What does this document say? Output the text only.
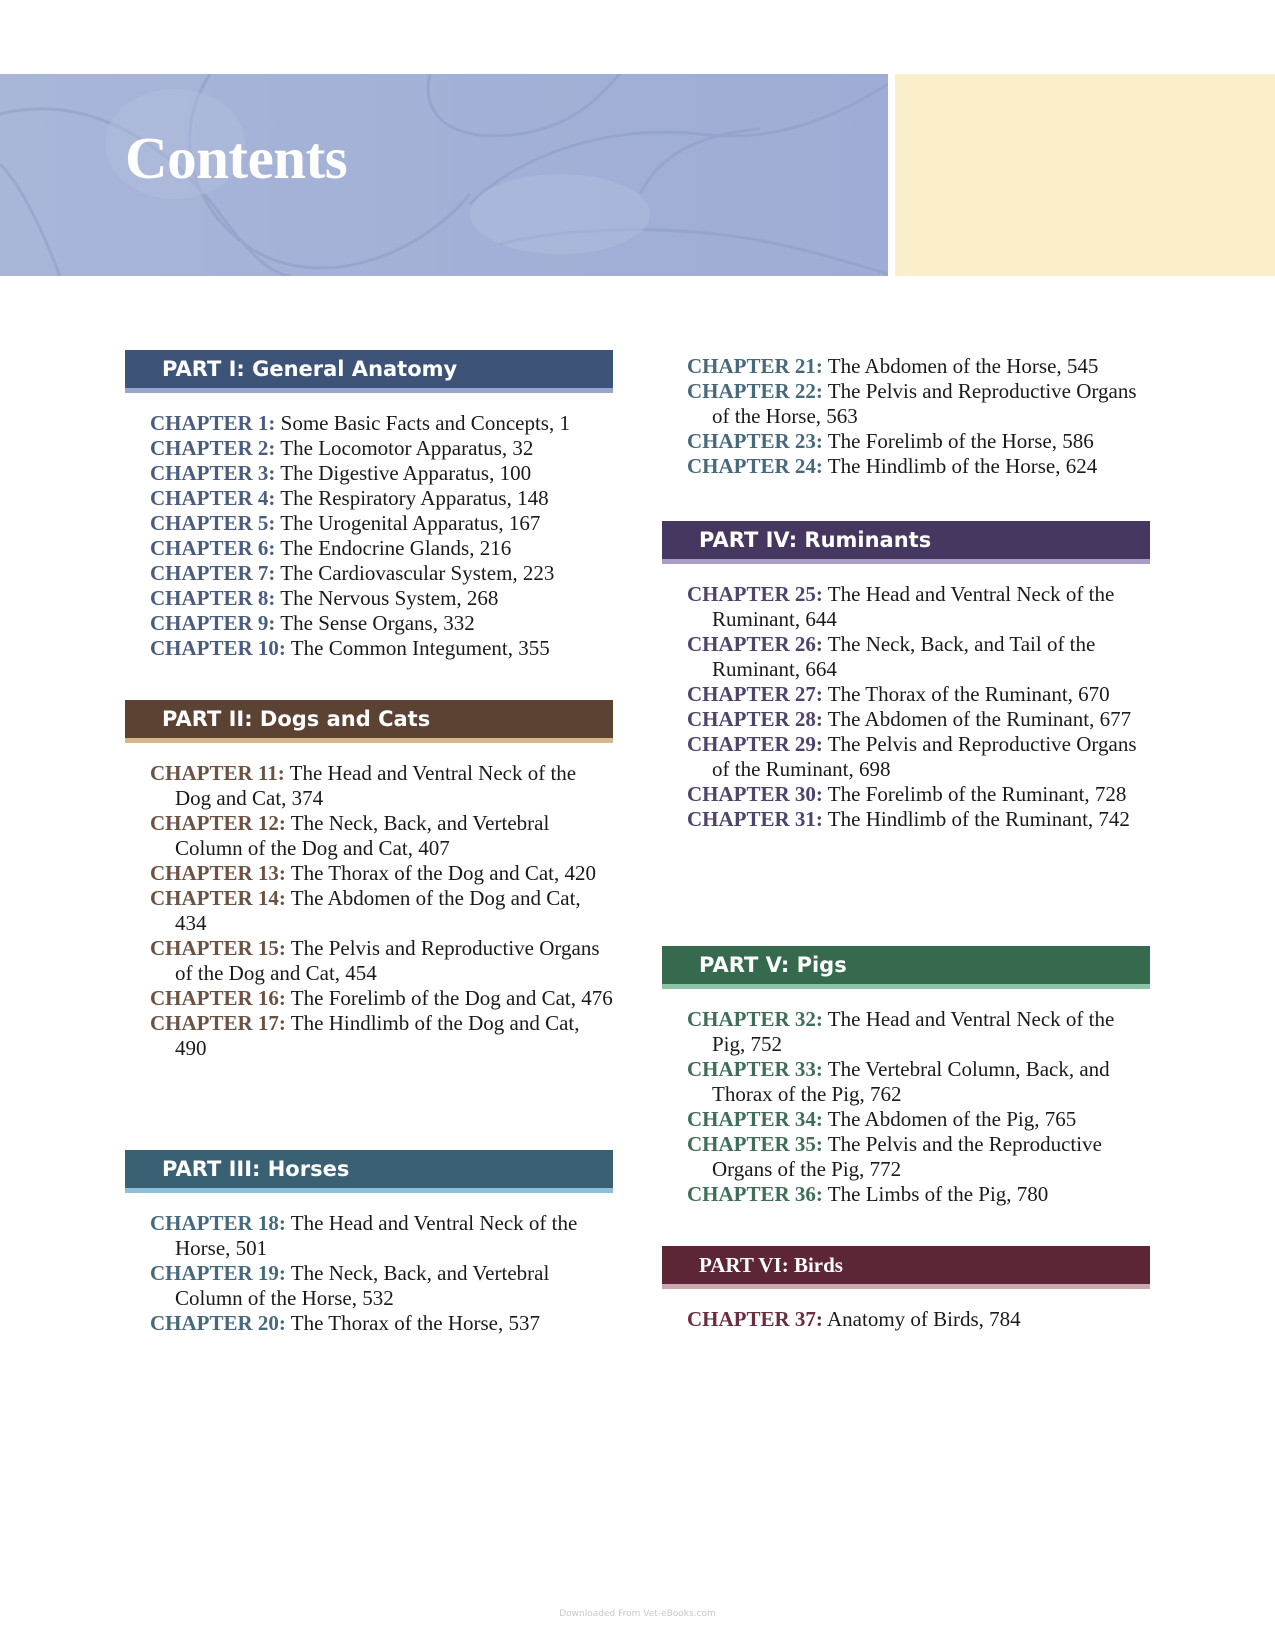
Contents
PART I: General Anatomy
CHAPTER 1: Some Basic Facts and Concepts, 1
CHAPTER 2: The Locomotor Apparatus, 32
CHAPTER 3: The Digestive Apparatus, 100
CHAPTER 4: The Respiratory Apparatus, 148
CHAPTER 5: The Urogenital Apparatus, 167
CHAPTER 6: The Endocrine Glands, 216
CHAPTER 7: The Cardiovascular System, 223
CHAPTER 8: The Nervous System, 268
CHAPTER 9: The Sense Organs, 332
CHAPTER 10: The Common Integument, 355
PART II: Dogs and Cats
CHAPTER 11: The Head and Ventral Neck of the Dog and Cat, 374
CHAPTER 12: The Neck, Back, and Vertebral Column of the Dog and Cat, 407
CHAPTER 13: The Thorax of the Dog and Cat, 420
CHAPTER 14: The Abdomen of the Dog and Cat, 434
CHAPTER 15: The Pelvis and Reproductive Organs of the Dog and Cat, 454
CHAPTER 16: The Forelimb of the Dog and Cat, 476
CHAPTER 17: The Hindlimb of the Dog and Cat, 490
PART III: Horses
CHAPTER 18: The Head and Ventral Neck of the Horse, 501
CHAPTER 19: The Neck, Back, and Vertebral Column of the Horse, 532
CHAPTER 20: The Thorax of the Horse, 537
CHAPTER 21: The Abdomen of the Horse, 545
CHAPTER 22: The Pelvis and Reproductive Organs of the Horse, 563
CHAPTER 23: The Forelimb of the Horse, 586
CHAPTER 24: The Hindlimb of the Horse, 624
PART IV: Ruminants
CHAPTER 25: The Head and Ventral Neck of the Ruminant, 644
CHAPTER 26: The Neck, Back, and Tail of the Ruminant, 664
CHAPTER 27: The Thorax of the Ruminant, 670
CHAPTER 28: The Abdomen of the Ruminant, 677
CHAPTER 29: The Pelvis and Reproductive Organs of the Ruminant, 698
CHAPTER 30: The Forelimb of the Ruminant, 728
CHAPTER 31: The Hindlimb of the Ruminant, 742
PART V: Pigs
CHAPTER 32: The Head and Ventral Neck of the Pig, 752
CHAPTER 33: The Vertebral Column, Back, and Thorax of the Pig, 762
CHAPTER 34: The Abdomen of the Pig, 765
CHAPTER 35: The Pelvis and the Reproductive Organs of the Pig, 772
CHAPTER 36: The Limbs of the Pig, 780
PART VI: Birds
CHAPTER 37: Anatomy of Birds, 784
Downloaded From Vet-eBooks.com
